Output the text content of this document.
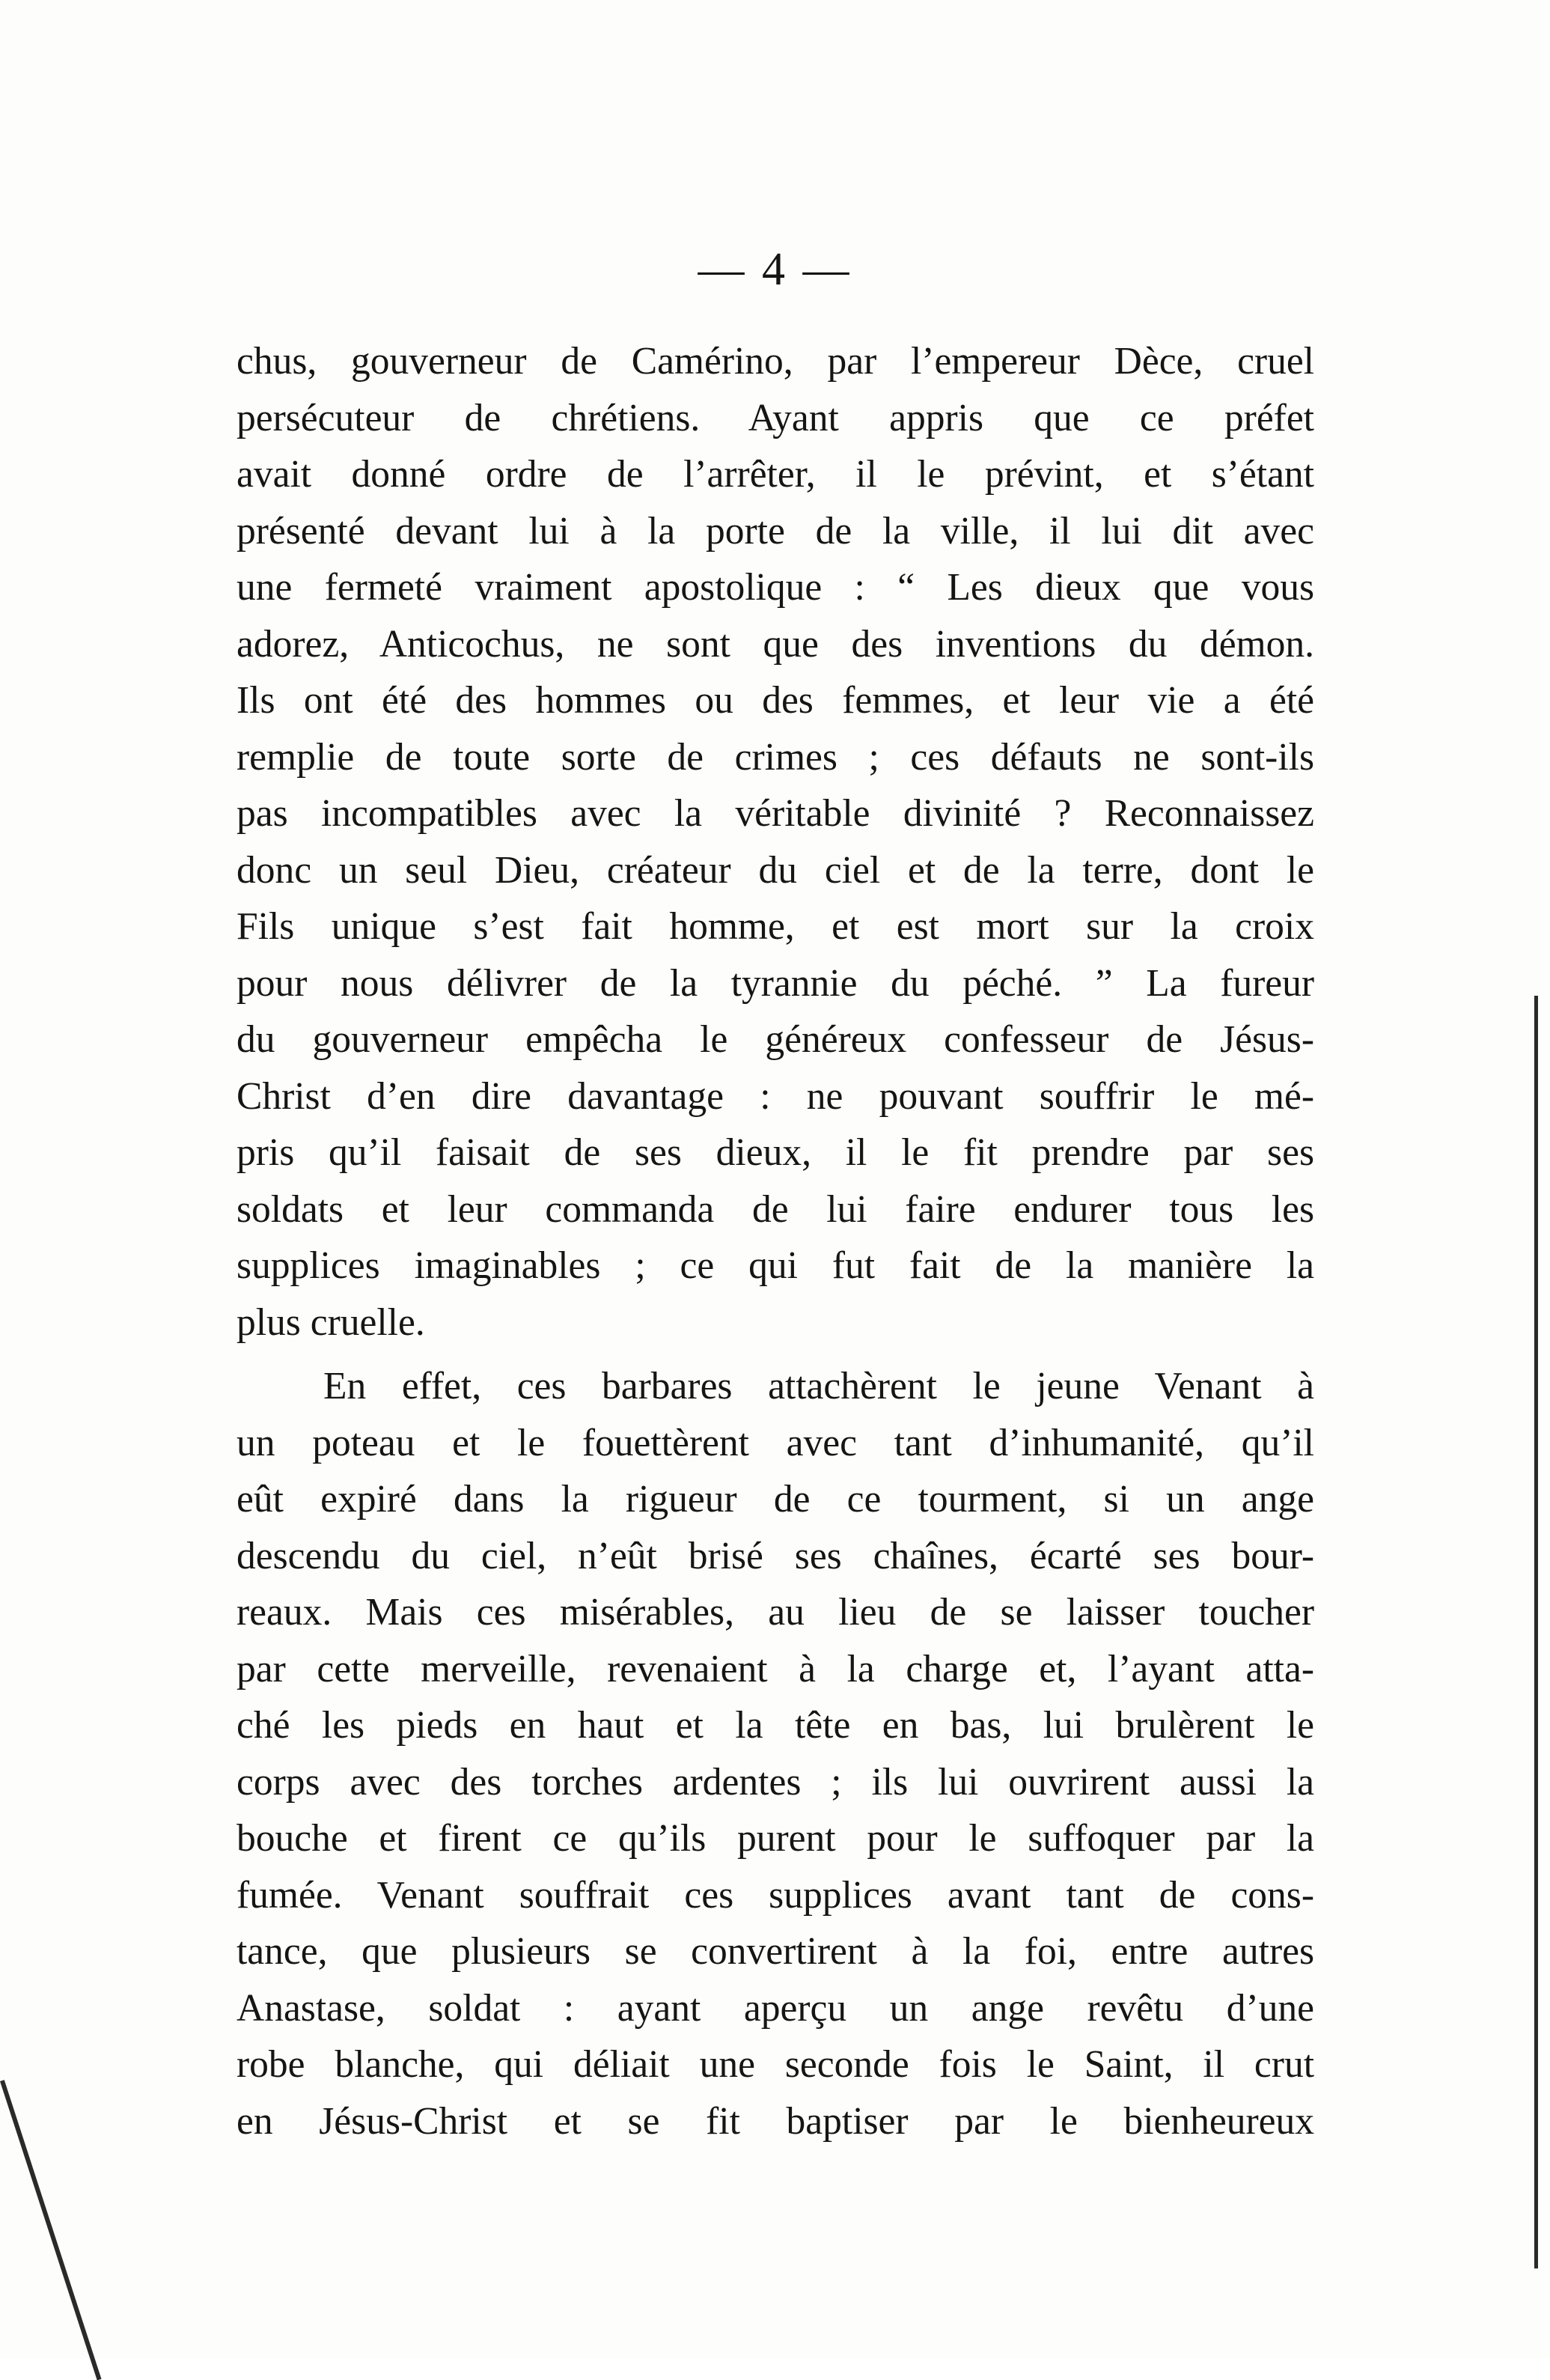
— 4 —
chus, gouverneur de Camérino, par l’empereur Dèce, cruel
persécuteur de chrétiens. Ayant appris que ce préfet
avait donné ordre de l’arrêter, il le prévint, et s’étant
présenté devant lui à la porte de la ville, il lui dit avec
une fermeté vraiment apostolique : “ Les dieux que vous
adorez, Anticochus, ne sont que des inventions du démon.
Ils ont été des hommes ou des femmes, et leur vie a été
remplie de toute sorte de crimes ; ces défauts ne sont-ils
pas incompatibles avec la véritable divinité ? Reconnaissez
donc un seul Dieu, créateur du ciel et de la terre, dont le
Fils unique s’est fait homme, et est mort sur la croix
pour nous délivrer de la tyrannie du péché. ” La fureur
du gouverneur empêcha le généreux confesseur de Jésus-
Christ d’en dire davantage : ne pouvant souffrir le mé-
pris qu’il faisait de ses dieux, il le fit prendre par ses
soldats et leur commanda de lui faire endurer tous les
supplices imaginables ; ce qui fut fait de la manière la
plus cruelle.
En effet, ces barbares attachèrent le jeune Venant à
un poteau et le fouettèrent avec tant d’inhumanité, qu’il
eût expiré dans la rigueur de ce tourment, si un ange
descendu du ciel, n’eût brisé ses chaînes, écarté ses bour-
reaux. Mais ces misérables, au lieu de se laisser toucher
par cette merveille, revenaient à la charge et, l’ayant atta-
ché les pieds en haut et la tête en bas, lui brulèrent le
corps avec des torches ardentes ; ils lui ouvrirent aussi la
bouche et firent ce qu’ils purent pour le suffoquer par la
fumée. Venant souffrait ces supplices avant tant de cons-
tance, que plusieurs se convertirent à la foi, entre autres
Anastase, soldat : ayant aperçu un ange revêtu d’une
robe blanche, qui déliait une seconde fois le Saint, il crut
en Jésus-Christ et se fit baptiser par le bienheureux
